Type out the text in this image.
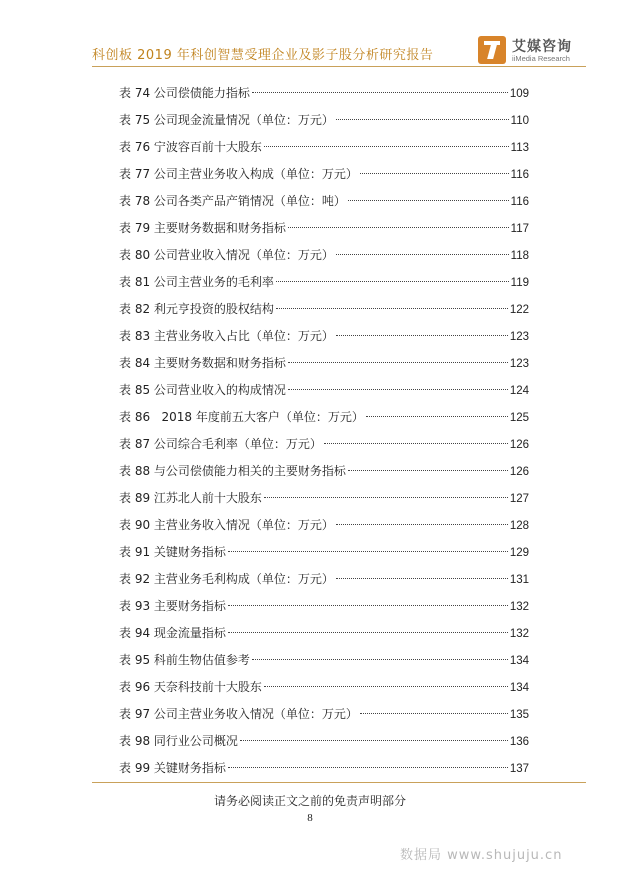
科创板 2019 年科创智慧受理企业及影子股分析研究报告
艾媒咨询
iiMedia Research
表 74 公司偿债能力指标	109
表 75 公司现金流量情况（单位：万元）	110
表 76 宁波容百前十大股东	113
表 77 公司主营业务收入构成（单位：万元）	116
表 78 公司各类产品产销情况（单位：吨）	116
表 79 主要财务数据和财务指标	117
表 80 公司营业收入情况（单位：万元）	118
表 81 公司主营业务的毛利率	119
表 82 利元亨投资的股权结构	122
表 83 主营业务收入占比（单位：万元）	123
表 84 主要财务数据和财务指标	123
表 85 公司营业收入的构成情况	124
表 86   2018 年度前五大客户（单位：万元）	125
表 87 公司综合毛利率（单位：万元）	126
表 88 与公司偿债能力相关的主要财务指标	126
表 89 江苏北人前十大股东	127
表 90 主营业务收入情况（单位：万元）	128
表 91 关键财务指标	129
表 92 主营业务毛利构成（单位：万元）	131
表 93 主要财务指标	132
表 94 现金流量指标	132
表 95 科前生物估值参考	134
表 96 天奈科技前十大股东	134
表 97 公司主营业务收入情况（单位：万元）	135
表 98 同行业公司概况	136
表 99 关键财务指标	137
请务必阅读正文之前的免责声明部分
8
数据局 www.shujuju.cn
